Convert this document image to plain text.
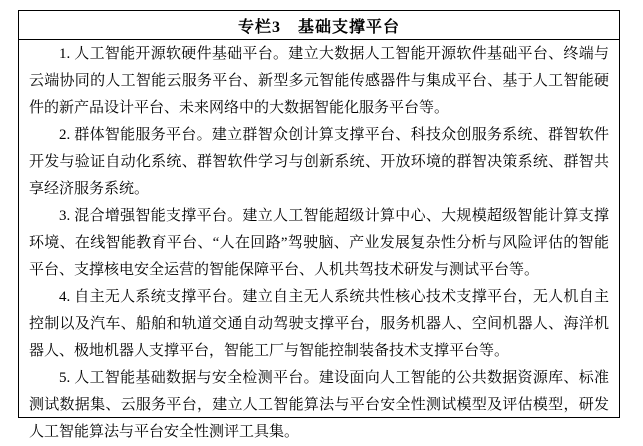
专栏3　基础支撑平台

1. 人工智能开源软硬件基础平台。建立大数据人工智能开源软件基础平台、终端与云端协同的人工智能云服务平台、新型多元智能传感器件与集成平台、基于人工智能硬件的新产品设计平台、未来网络中的大数据智能化服务平台等。

2. 群体智能服务平台。建立群智众创计算支撑平台、科技众创服务系统、群智软件开发与验证自动化系统、群智软件学习与创新系统、开放环境的群智决策系统、群智共享经济服务系统。

3. 混合增强智能支撑平台。建立人工智能超级计算中心、大规模超级智能计算支撑环境、在线智能教育平台、“人在回路”驾驶脑、产业发展复杂性分析与风险评估的智能平台、支撑核电安全运营的智能保障平台、人机共驾技术研发与测试平台等。

4. 自主无人系统支撑平台。建立自主无人系统共性核心技术支撑平台，无人机自主控制以及汽车、船舶和轨道交通自动驾驶支撑平台，服务机器人、空间机器人、海洋机器人、极地机器人支撑平台，智能工厂与智能控制装备技术支撑平台等。

5. 人工智能基础数据与安全检测平台。建设面向人工智能的公共数据资源库、标准测试数据集、云服务平台，建立人工智能算法与平台安全性测试模型及评估模型，研发人工智能算法与平台安全性测评工具集。
